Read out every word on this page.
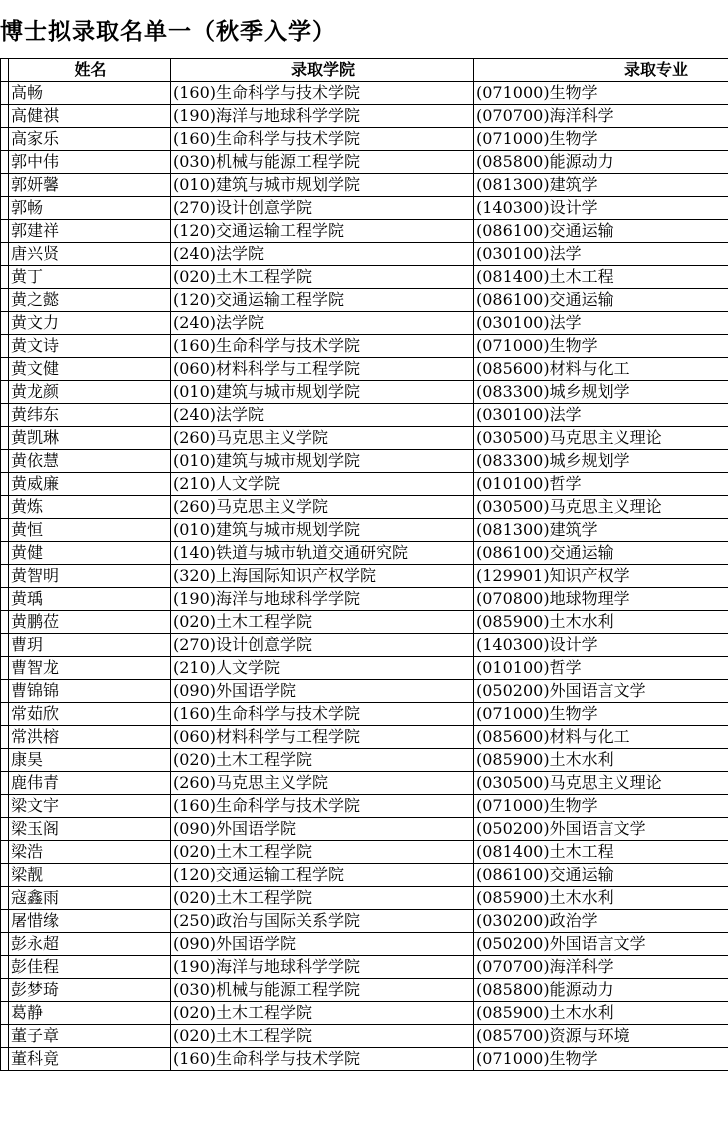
博士拟录取名单一（秋季入学）
	姓名	录取学院	录取专业
	高畅	(160)生命科学与技术学院	(071000)生物学
	高健祺	(190)海洋与地球科学学院	(070700)海洋科学
	高家乐	(160)生命科学与技术学院	(071000)生物学
	郭中伟	(030)机械与能源工程学院	(085800)能源动力
	郭妍馨	(010)建筑与城市规划学院	(081300)建筑学
	郭畅	(270)设计创意学院	(140300)设计学
	郭建祥	(120)交通运输工程学院	(086100)交通运输
	唐兴贤	(240)法学院	(030100)法学
	黄丁	(020)土木工程学院	(081400)土木工程
	黄之懿	(120)交通运输工程学院	(086100)交通运输
	黄文力	(240)法学院	(030100)法学
	黄文诗	(160)生命科学与技术学院	(071000)生物学
	黄文健	(060)材料科学与工程学院	(085600)材料与化工
	黄龙颜	(010)建筑与城市规划学院	(083300)城乡规划学
	黄纬东	(240)法学院	(030100)法学
	黄凯琳	(260)马克思主义学院	(030500)马克思主义理论
	黄依慧	(010)建筑与城市规划学院	(083300)城乡规划学
	黄威廉	(210)人文学院	(010100)哲学
	黄炼	(260)马克思主义学院	(030500)马克思主义理论
	黄恒	(010)建筑与城市规划学院	(081300)建筑学
	黄健	(140)铁道与城市轨道交通研究院	(086100)交通运输
	黄智明	(320)上海国际知识产权学院	(129901)知识产权学
	黄瑀	(190)海洋与地球科学学院	(070800)地球物理学
	黄鹏莅	(020)土木工程学院	(085900)土木水利
	曹玥	(270)设计创意学院	(140300)设计学
	曹智龙	(210)人文学院	(010100)哲学
	曹锦锦	(090)外国语学院	(050200)外国语言文学
	常茹欣	(160)生命科学与技术学院	(071000)生物学
	常洪榕	(060)材料科学与工程学院	(085600)材料与化工
	康昊	(020)土木工程学院	(085900)土木水利
	鹿伟青	(260)马克思主义学院	(030500)马克思主义理论
	梁文宇	(160)生命科学与技术学院	(071000)生物学
	梁玉阁	(090)外国语学院	(050200)外国语言文学
	梁浩	(020)土木工程学院	(081400)土木工程
	梁靓	(120)交通运输工程学院	(086100)交通运输
	寇鑫雨	(020)土木工程学院	(085900)土木水利
	屠惜缘	(250)政治与国际关系学院	(030200)政治学
	彭永超	(090)外国语学院	(050200)外国语言文学
	彭佳程	(190)海洋与地球科学学院	(070700)海洋科学
	彭梦琦	(030)机械与能源工程学院	(085800)能源动力
	葛静	(020)土木工程学院	(085900)土木水利
	董子章	(020)土木工程学院	(085700)资源与环境
	董科竟	(160)生命科学与技术学院	(071000)生物学
